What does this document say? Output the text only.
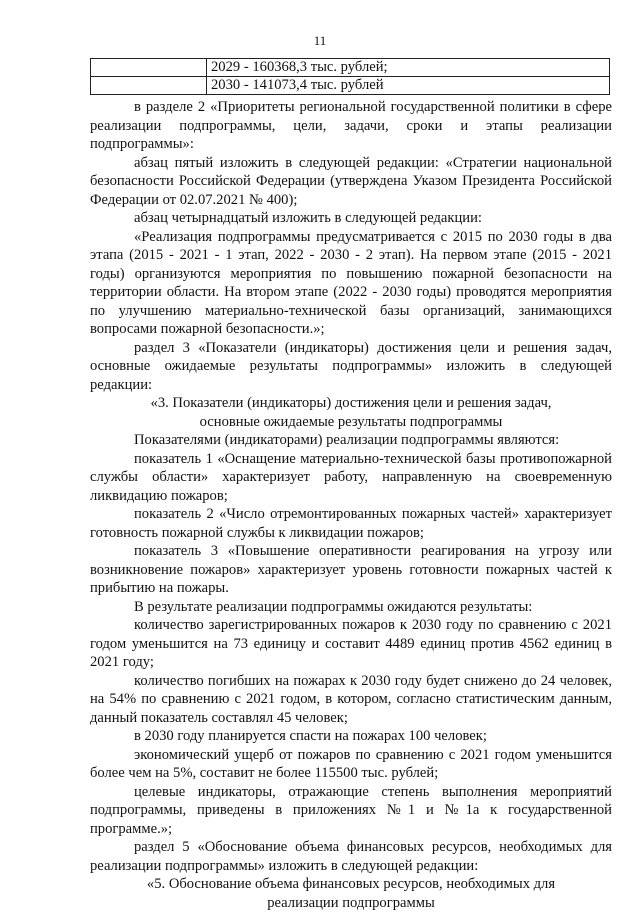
11
	2029 - 160368,3 тыс. рублей;
	2030 - 141073,4 тыс. рублей

в разделе 2 «Приоритеты региональной государственной политики в сфере реализации подпрограммы, цели, задачи, сроки и этапы реализации подпрограммы»:

абзац пятый изложить в следующей редакции: «Стратегии национальной безопасности Российской Федерации (утверждена Указом Президента Российской Федерации от 02.07.2021 № 400);

абзац четырнадцатый изложить в следующей редакции:

«Реализация подпрограммы предусматривается с 2015 по 2030 годы в два этапа (2015 - 2021 - 1 этап, 2022 - 2030 - 2 этап). На первом этапе (2015 - 2021 годы) организуются мероприятия по повышению пожарной безопасности на территории области. На втором этапе (2022 - 2030 годы) проводятся мероприятия по улучшению материально-технической базы организаций, занимающихся вопросами пожарной безопасности.»;

раздел 3 «Показатели (индикаторы) достижения цели и решения задач, основные ожидаемые результаты подпрограммы» изложить в следующей редакции:

«3. Показатели (индикаторы) достижения цели и решения задач,

основные ожидаемые результаты подпрограммы

Показателями (индикаторами) реализации подпрограммы являются:

показатель 1 «Оснащение материально-технической базы противопожарной службы области» характеризует работу, направленную на своевременную ликвидацию пожаров;

показатель 2 «Число отремонтированных пожарных частей» характеризует готовность пожарной службы к ликвидации пожаров;

показатель 3 «Повышение оперативности реагирования на угрозу или возникновение пожаров» характеризует уровень готовности пожарных частей к прибытию на пожары.

В результате реализации подпрограммы ожидаются результаты:

количество зарегистрированных пожаров к 2030 году по сравнению с 2021 годом уменьшится на 73 единицу и составит 4489 единиц против 4562 единиц в 2021 году;

количество погибших на пожарах к 2030 году будет снижено до 24 человек, на 54% по сравнению с 2021 годом, в котором, согласно статистическим данным, данный показатель составлял 45 человек;

в 2030 году планируется спасти на пожарах 100 человек;

экономический ущерб от пожаров по сравнению с 2021 годом уменьшится более чем на 5%, составит не более 115500 тыс. рублей;

целевые индикаторы, отражающие степень выполнения мероприятий подпрограммы, приведены в приложениях №1 и №1а к государственной программе.»;

раздел 5 «Обоснование объема финансовых ресурсов, необходимых для реализации подпрограммы» изложить в следующей редакции:

«5. Обоснование объема финансовых ресурсов, необходимых для

реализации подпрограммы
